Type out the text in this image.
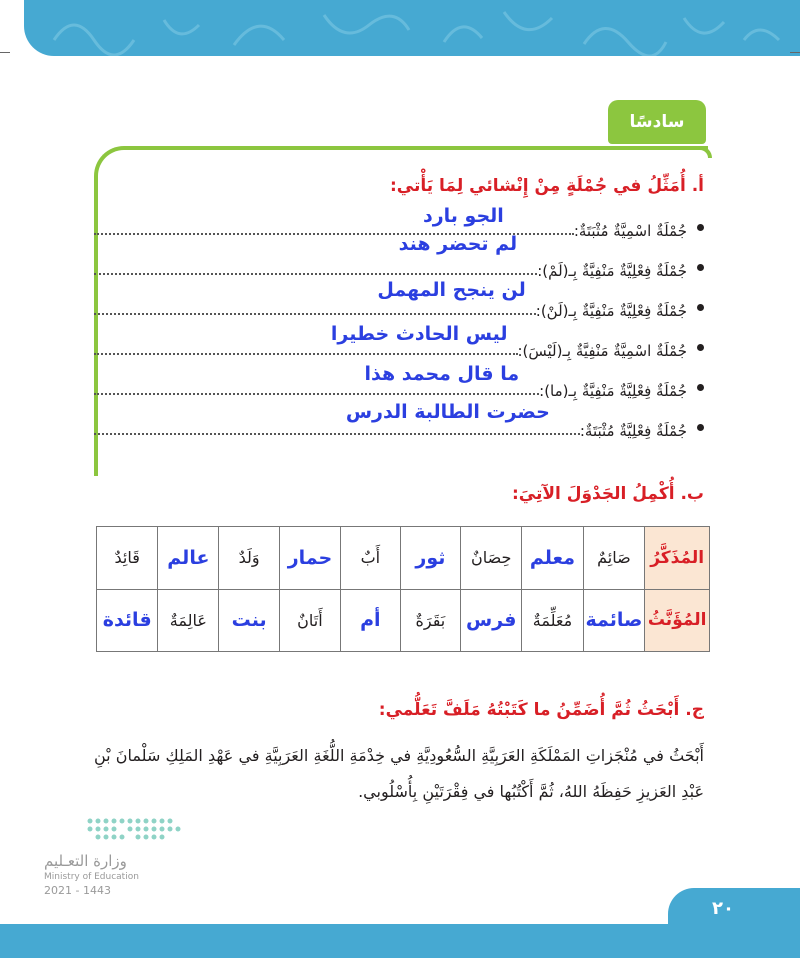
سادسًا
أ. أُمَثِّلُ في جُمْلَةٍ مِنْ إِنْشائي لِمَا يَأْتي:
جُمْلَةٌ اسْمِيَّةٌ مُثْبَتَةٌ:
الجو بارد
جُمْلَةٌ فِعْلِيَّةٌ مَنْفِيَّةٌ بِـ(لَمْ):
لم تحضر هند
جُمْلَةٌ فِعْلِيَّةٌ مَنْفِيَّةٌ بِـ(لَنْ):
لن ينجح المهمل
جُمْلَةٌ اسْمِيَّةٌ مَنْفِيَّةٌ بِـ(لَيْسَ):
ليس الحادث خطيرا
جُمْلَةٌ فِعْلِيَّةٌ مَنْفِيَّةٌ بِـ(ما):
ما قال محمد هذا
جُمْلَةٌ فِعْلِيَّةٌ مُثْبَتَةٌ:
حضرت الطالبة الدرس
ب. أُكْمِلُ الجَدْوَلَ الآتِيَ:
المُذَكَّرُ	صَائِمٌ	معلم	حِصَانٌ	ثور	أَبٌ	حمار	وَلَدٌ	عالم	قَائِدٌ
المُؤَنَّثُ	صائمة	مُعَلِّمَةٌ	فرس	بَقَرَةٌ	أم	أَتَانٌ	بنت	عَالِمَةٌ	قائدة
ج. أَبْحَثُ ثُمَّ أُضَمِّنُ ما كَتَبْتُهُ مَلَفَّ تَعَلُّمي:
أَبْحَثُ في مُنْجَزاتِ المَمْلَكَةِ العَرَبِيَّةِ السُّعُودِيَّةِ في خِدْمَةِ اللُّغَةِ العَرَبِيَّةِ في عَهْدِ المَلِكِ سَلْمانَ بْنِ عَبْدِ العَزيزِ حَفِظَهُ اللهُ، ثُمَّ أَكْتُبُها في فِقْرَتَيْنِ بِأُسْلُوبي.
وزارة التعـليم
Ministry of Education
2021 - 1443
٢٠
